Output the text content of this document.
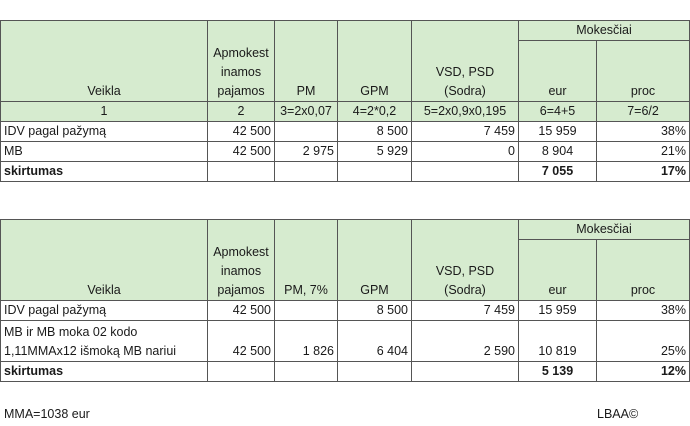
Veikla	Apmokest inamos pajamos	PM	GPM	VSD, PSD (Sodra)	Mokesčiai	
					eur	proc

1	2	3=2x0,07	4=2*0,2	5=2x0,9x0,195	6=4+5	7=6/2
IDV pagal pažymą	42 500		8 500	7 459	15 959	38%
MB	42 500	2 975	5 929	0	8 904	21%
skirtumas					7 055	17%
Veikla	Apmokest inamos pajamos	PM, 7%	GPM	VSD, PSD (Sodra)	Mokesčiai	
					eur	proc
IDV pagal pažymą	42 500		8 500	7 459	15 959	38%
MB ir MB moka 02 kodo 1,11MMAx12 išmoką MB nariui	42 500	1 826	6 404	2 590	10 819	25%
skirtumas					5 139	12%
MMA=1038 eur	LBAA©
